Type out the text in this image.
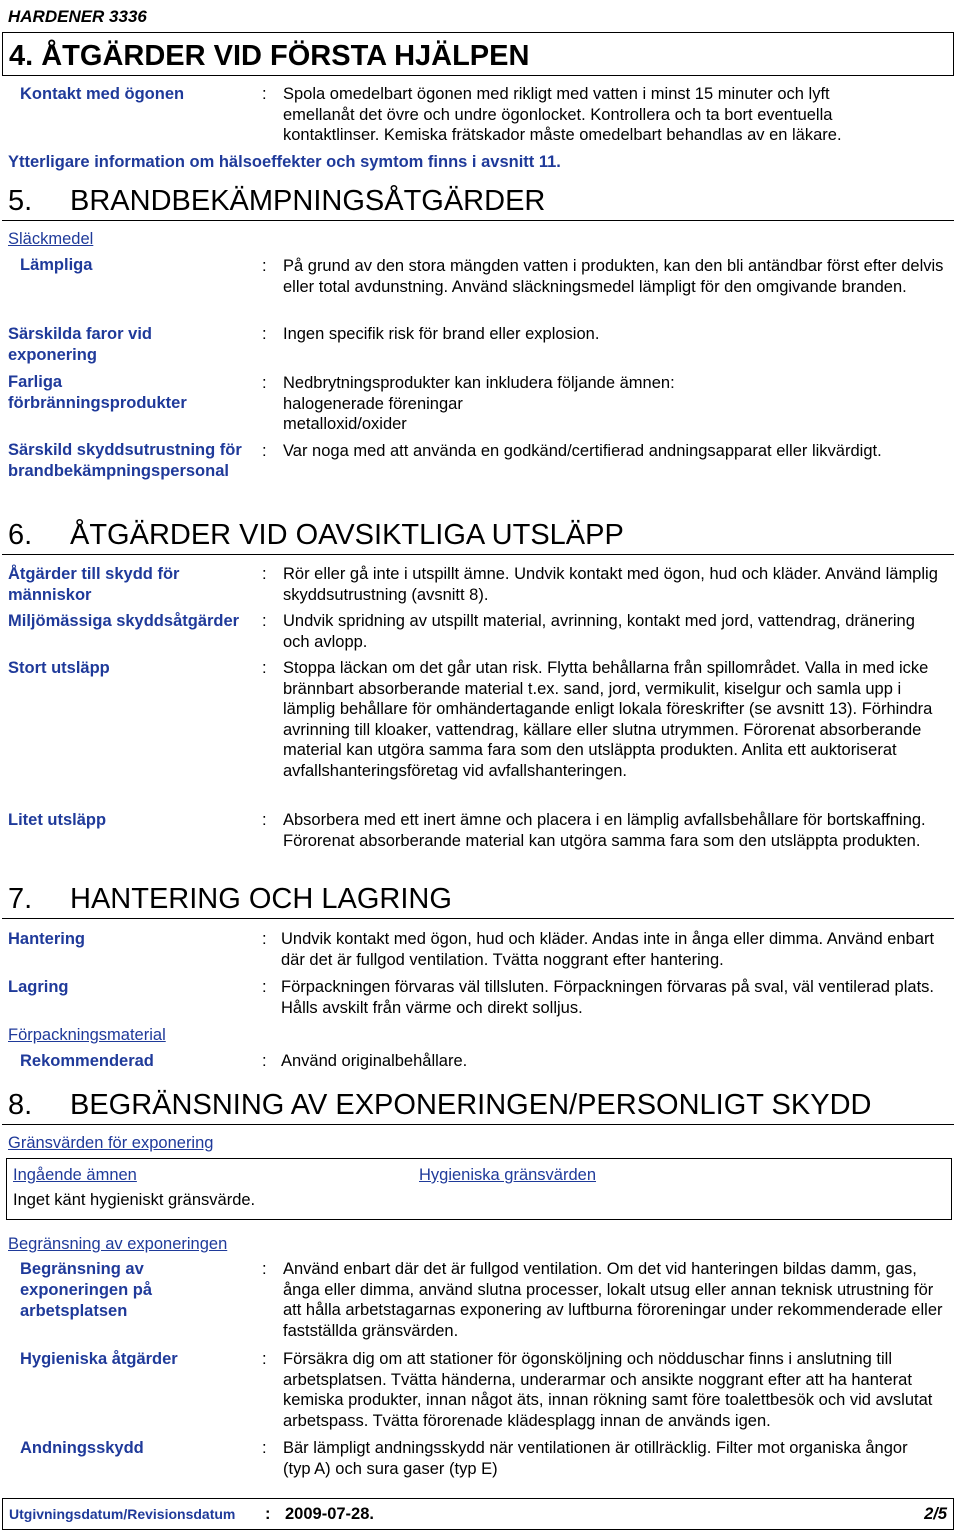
HARDENER 3336
4. ÅTGÄRDER VID FÖRSTA HJÄLPEN
Kontakt med ögonen	: Spola omedelbart ögonen med rikligt med vatten i minst 15 minuter och lyft emellanåt det övre och undre ögonlocket. Kontrollera och ta bort eventuella kontaktlinser. Kemiska frätskador måste omedelbart behandlas av en läkare.
Ytterligare information om hälsoeffekter och symtom finns i avsnitt 11.
5. BRANDBEKÄMPNINGSÅTGÄRDER
Släckmedel
Lämpliga	: På grund av den stora mängden vatten i produkten, kan den bli antändbar först efter delvis eller total avdunstning. Använd släckningsmedel lämpligt för den omgivande branden.
Särskilda faror vid exponering
: Ingen specifik risk för brand eller explosion.
Farliga förbränningsprodukter
: Nedbrytningsprodukter kan inkludera följande ämnen:
halogenerade föreningar
metalloxid/oxider
Särskild skyddsutrustning för brandbekämpningspersonal
: Var noga med att använda en godkänd/certifierad andningsapparat eller likvärdigt.
6. ÅTGÄRDER VID OAVSIKTLIGA UTSLÄPP
Åtgärder till skydd för människor
: Rör eller gå inte i utspillt ämne. Undvik kontakt med ögon, hud och kläder. Använd lämplig skyddsutrustning (avsnitt 8).
Miljömässiga skyddsåtgärder : Undvik spridning av utspillt material, avrinning, kontakt med jord, vattendrag, dränering och avlopp.
Stort utsläpp	: Stoppa läckan om det går utan risk. Flytta behållarna från spillområdet. Valla in med icke brännbart absorberande material t.ex. sand, jord, vermikulit, kiselgur och samla upp i lämplig behållare för omhändertagande enligt lokala föreskrifter (se avsnitt 13). Förhindra avrinning till kloaker, vattendrag, källare eller slutna utrymmen. Förorenat absorberande material kan utgöra samma fara som den utsläppta produkten. Anlita ett auktoriserat avfallshanteringsföretag vid avfallshanteringen.
Litet utsläpp	: Absorbera med ett inert ämne och placera i en lämplig avfallsbehållare för bortskaffning. Förorenat absorberande material kan utgöra samma fara som den utsläppta produkten.
7. HANTERING OCH LAGRING
Hantering	: Undvik kontakt med ögon, hud och kläder. Andas inte in ånga eller dimma. Använd enbart där det är fullgod ventilation. Tvätta noggrant efter hantering.
Lagring	: Förpackningen förvaras väl tillsluten. Förpackningen förvaras på sval, väl ventilerad plats. Hålls avskilt från värme och direkt solljus.
Förpackningsmaterial
Rekommenderad	: Använd originalbehållare.
8. BEGRÄNSNING AV EXPONERINGEN/PERSONLIGT SKYDD
Gränsvärden för exponering
Ingående ämnen	Hygieniska gränsvärden
Inget känt hygieniskt gränsvärde.
Begränsning av exponeringen
Begränsning av exponeringen på arbetsplatsen
: Använd enbart där det är fullgod ventilation. Om det vid hanteringen bildas damm, gas, ånga eller dimma, använd slutna processer, lokalt utsug eller annan teknisk utrustning för att hålla arbetstagarnas exponering av luftburna föroreningar under rekommenderade eller fastställda gränsvärden.
Hygieniska åtgärder	: Försäkra dig om att stationer för ögonsköljning och nödduschar finns i anslutning till arbetsplatsen. Tvätta händerna, underarmar och ansikte noggrant efter att ha hanterat kemiska produkter, innan något äts, innan rökning samt före toalettbesök och vid avslutat arbetspass. Tvätta förorenade klädesplagg innan de används igen.
Andningsskydd	: Bär lämpligt andningsskydd när ventilationen är otillräcklig. Filter mot organiska ångor (typ A) och sura gaser (typ E)
Utgivningsdatum/Revisionsdatum : 2009-07-28.	2/5
